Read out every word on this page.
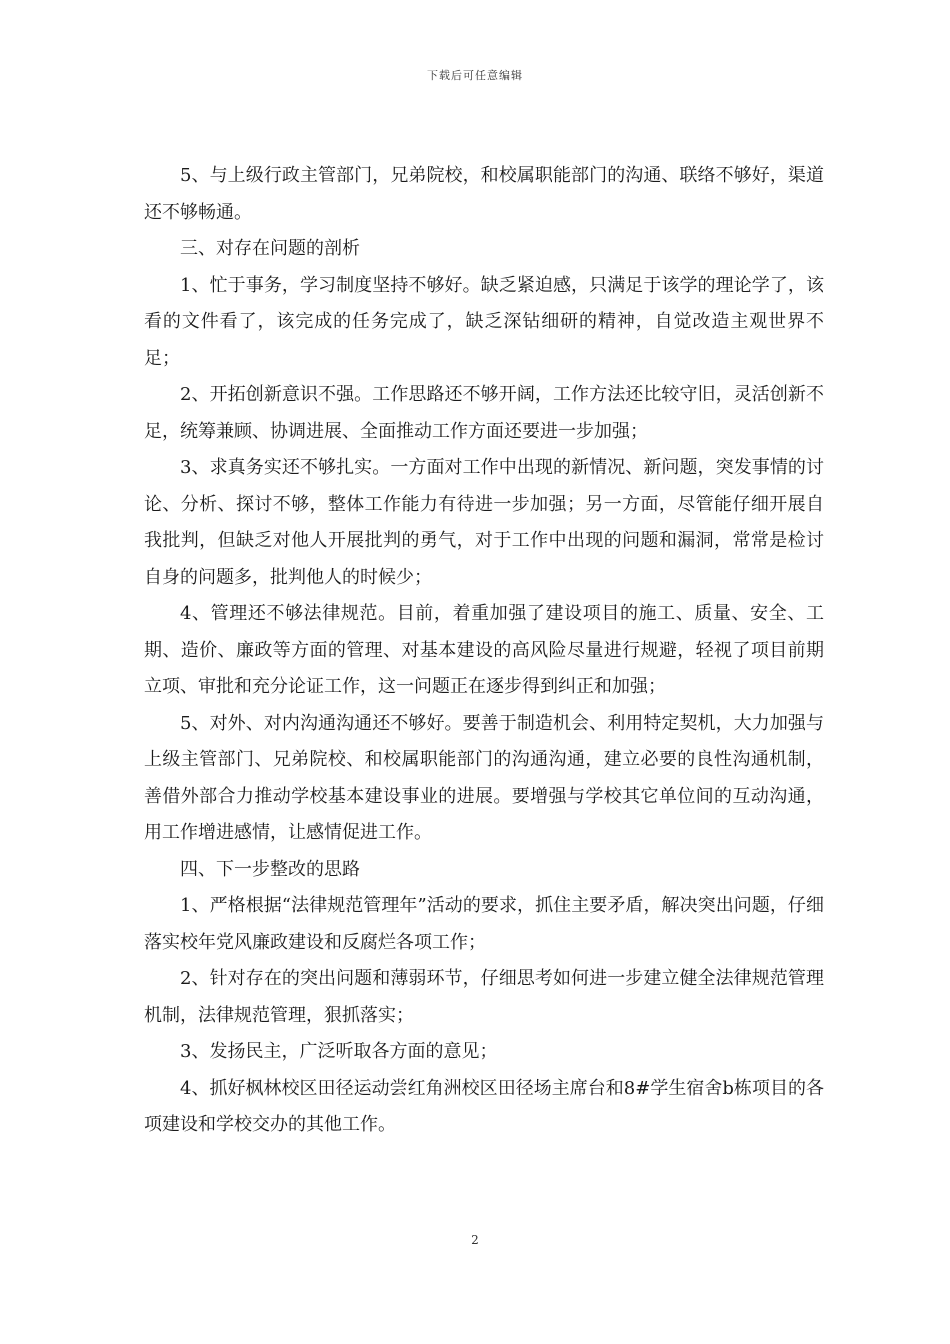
下载后可任意编辑

5、与上级行政主管部门，兄弟院校，和校属职能部门的沟通、联络不够好，渠道还不够畅通。

三、对存在问题的剖析

1、忙于事务，学习制度坚持不够好。缺乏紧迫感，只满足于该学的理论学了，该看的文件看了，该完成的任务完成了，缺乏深钻细研的精神，自觉改造主观世界不足；

2、开拓创新意识不强。工作思路还不够开阔，工作方法还比较守旧，灵活创新不足，统筹兼顾、协调进展、全面推动工作方面还要进一步加强；

3、求真务实还不够扎实。一方面对工作中出现的新情况、新问题，突发事情的讨论、分析、探讨不够，整体工作能力有待进一步加强；另一方面，尽管能仔细开展自我批判，但缺乏对他人开展批判的勇气，对于工作中出现的问题和漏洞，常常是检讨自身的问题多，批判他人的时候少；

4、管理还不够法律规范。目前，着重加强了建设项目的施工、质量、安全、工期、造价、廉政等方面的管理、对基本建设的高风险尽量进行规避，轻视了项目前期立项、审批和充分论证工作，这一问题正在逐步得到纠正和加强；

5、对外、对内沟通沟通还不够好。要善于制造机会、利用特定契机，大力加强与上级主管部门、兄弟院校、和校属职能部门的沟通沟通，建立必要的良性沟通机制，善借外部合力推动学校基本建设事业的进展。要增强与学校其它单位间的互动沟通，用工作增进感情，让感情促进工作。

四、下一步整改的思路

1、严格根据“法律规范管理年”活动的要求，抓住主要矛盾，解决突出问题，仔细落实校年党风廉政建设和反腐烂各项工作；

2、针对存在的突出问题和薄弱环节，仔细思考如何进一步建立健全法律规范管理机制，法律规范管理，狠抓落实；

3、发扬民主，广泛听取各方面的意见；

4、抓好枫林校区田径运动尝红角洲校区田径场主席台和8#学生宿舍b栋项目的各项建设和学校交办的其他工作。

2
